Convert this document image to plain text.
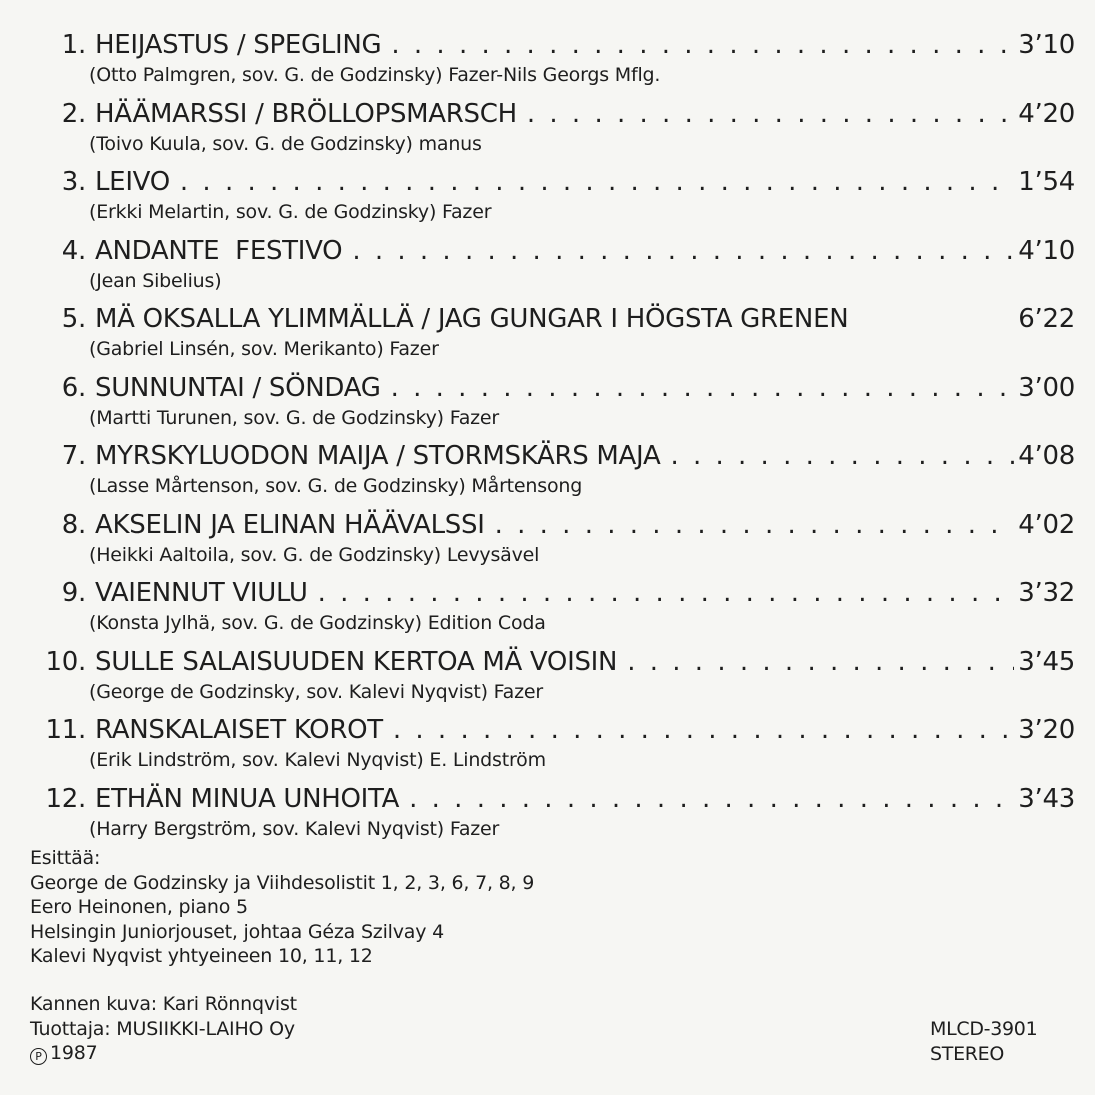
1. HEIJASTUS / SPEGLING . . .	3’10
(Otto Palmgren, sov. G. de Godzinsky) Fazer-Nils Georgs Mflg.
2. HÄÄMARSSI / BRÖLLOPSMARSCH . . .	4’20
(Toivo Kuula, sov. G. de Godzinsky) manus
3. LEIVO . . .	1’54
(Erkki Melartin, sov. G. de Godzinsky) Fazer
4. ANDANTE  FESTIVO . . .	4’10
(Jean Sibelius)
5. MÄ OKSALLA YLIMMÄLLÄ / JAG GUNGAR I HÖGSTA GRENEN	6’22
(Gabriel Linsén, sov. Merikanto) Fazer
6. SUNNUNTAI / SÖNDAG . . .	3’00
(Martti Turunen, sov. G. de Godzinsky) Fazer
7. MYRSKYLUODON MAIJA / STORMSKÄRS MAJA . . .	4’08
(Lasse Mårtenson, sov. G. de Godzinsky) Mårtensong
8. AKSELIN JA ELINAN HÄÄVALSSI . . .	4’02
(Heikki Aaltoila, sov. G. de Godzinsky) Levysävel
9. VAIENNUT VIULU . . .	3’32
(Konsta Jylhä, sov. G. de Godzinsky) Edition Coda
10. SULLE SALAISUUDEN KERTOA MÄ VOISIN . . .	3’45
(George de Godzinsky, sov. Kalevi Nyqvist) Fazer
11. RANSKALAISET KOROT . . .	3’20
(Erik Lindström, sov. Kalevi Nyqvist) E. Lindström
12. ETHÄN MINUA UNHOITA . . .	3’43
(Harry Bergström, sov. Kalevi Nyqvist) Fazer
Esittää:
George de Godzinsky ja Viihdesolistit 1, 2, 3, 6, 7, 8, 9
Eero Heinonen, piano 5
Helsingin Juniorjouset, johtaa Géza Szilvay 4
Kalevi Nyqvist yhtyeineen 10, 11, 12
Kannen kuva: Kari Rönnqvist
Tuottaja: MUSIIKKI-LAIHO Oy
P 1987
MLCD-3901
STEREO
